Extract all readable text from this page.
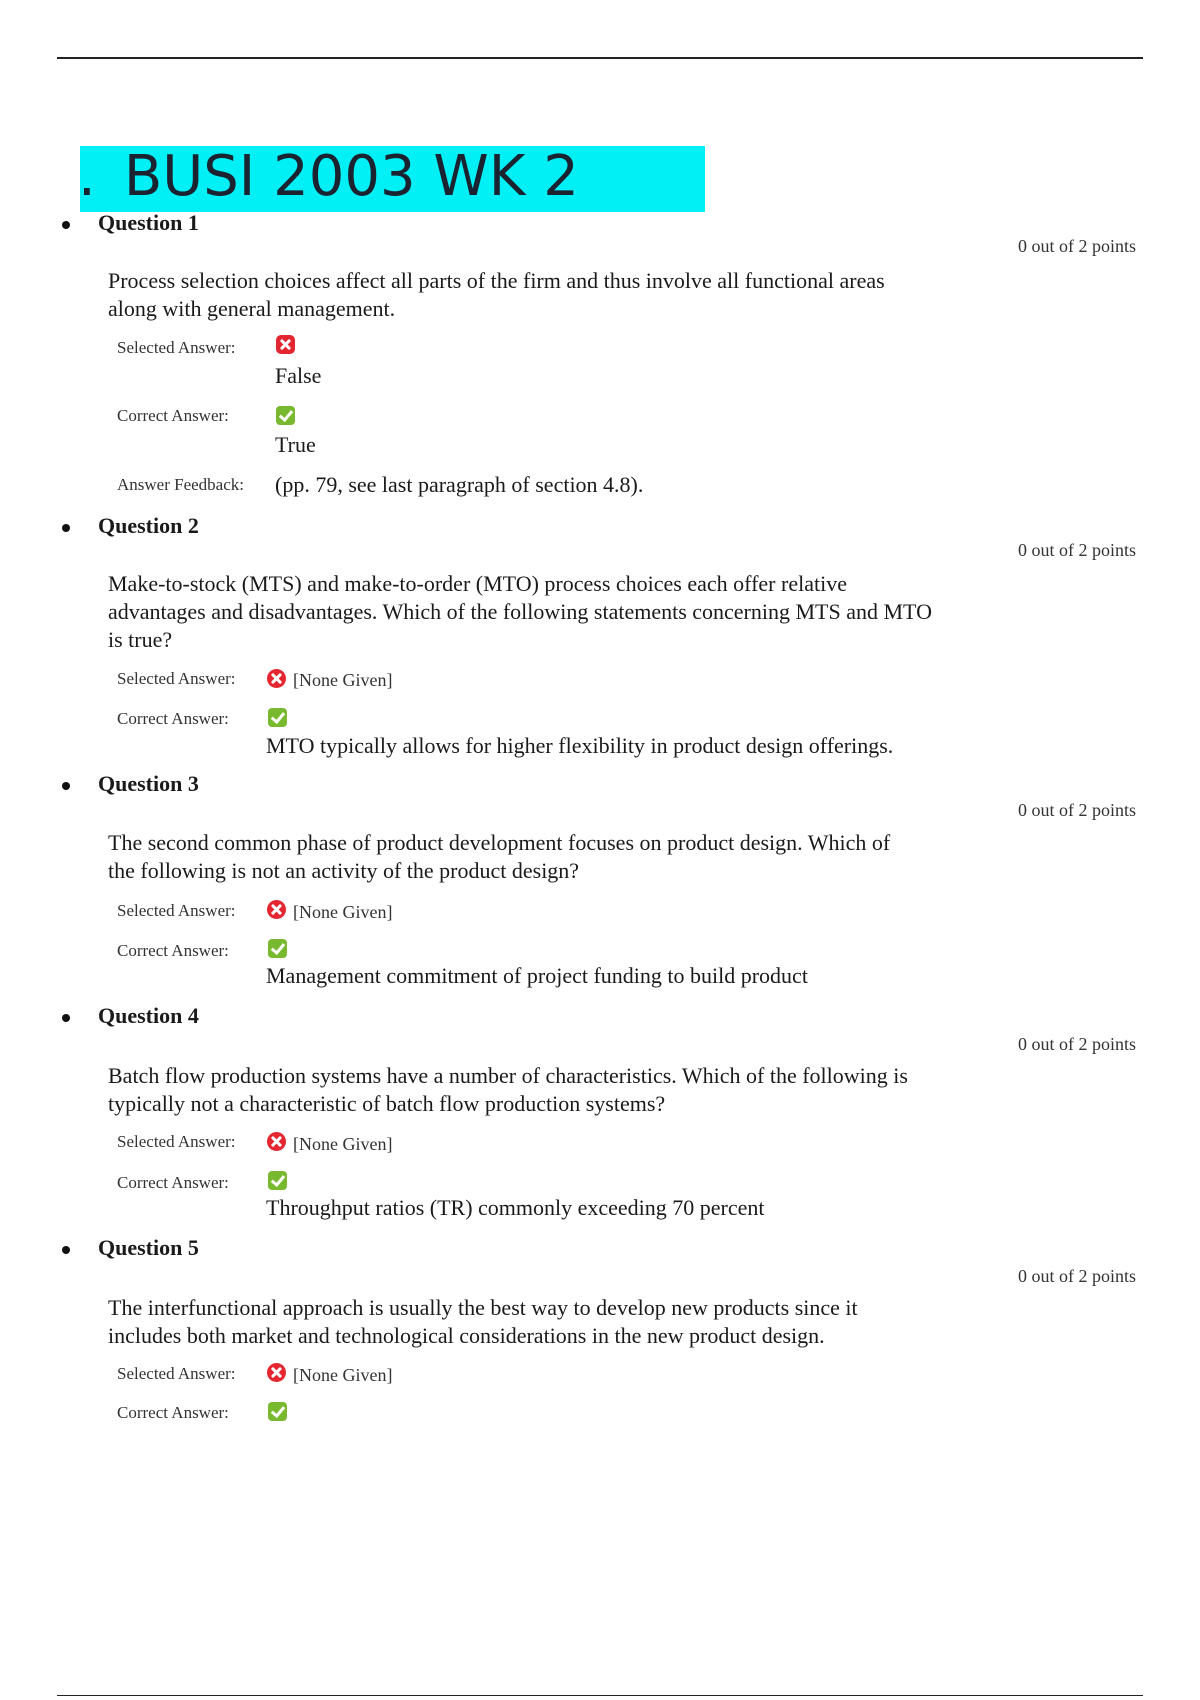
. BUSI 2003 WK 2
Question 1
0 out of 2 points
Process selection choices affect all parts of the firm and thus involve all functional areas
along with general management.
Selected Answer:
False
Correct Answer:
True
Answer Feedback: (pp. 79, see last paragraph of section 4.8).
Question 2
0 out of 2 points
Make-to-stock (MTS) and make-to-order (MTO) process choices each offer relative
advantages and disadvantages. Which of the following statements concerning MTS and MTO
is true?
Selected Answer:	[None Given]
Correct Answer:
MTO typically allows for higher flexibility in product design offerings.
Question 3
0 out of 2 points
The second common phase of product development focuses on product design. Which of
the following is not an activity of the product design?
Selected Answer:	[None Given]
Correct Answer:
Management commitment of project funding to build product
Question 4
0 out of 2 points
Batch flow production systems have a number of characteristics. Which of the following is
typically not a characteristic of batch flow production systems?
Selected Answer:	[None Given]
Correct Answer:
Throughput ratios (TR) commonly exceeding 70 percent
Question 5
0 out of 2 points
The interfunctional approach is usually the best way to develop new products since it
includes both market and technological considerations in the new product design.
Selected Answer:	[None Given]
Correct Answer:
